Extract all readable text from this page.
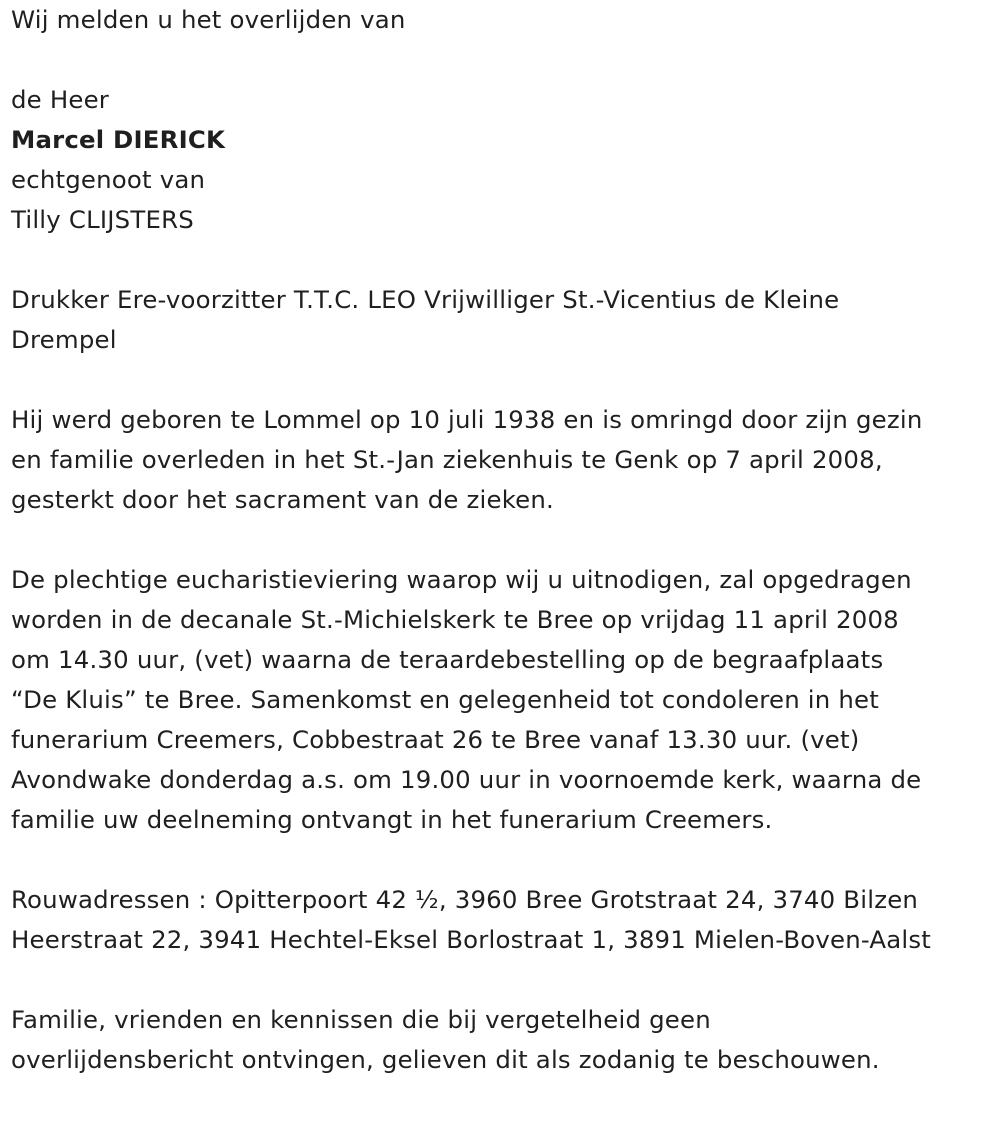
Wij melden u het overlijden van
de Heer
Marcel DIERICK
echtgenoot van
Tilly CLIJSTERS
Drukker Ere-voorzitter T.T.C. LEO Vrijwilliger St.-Vicentius de Kleine
Drempel
Hij werd geboren te Lommel op 10 juli 1938 en is omringd door zijn gezin
en familie overleden in het St.-Jan ziekenhuis te Genk op 7 april 2008,
gesterkt door het sacrament van de zieken.
De plechtige eucharistieviering waarop wij u uitnodigen, zal opgedragen
worden in de decanale St.-Michielskerk te Bree op vrijdag 11 april 2008
om 14.30 uur, (vet) waarna de teraardebestelling op de begraafplaats
“De Kluis” te Bree. Samenkomst en gelegenheid tot condoleren in het
funerarium Creemers, Cobbestraat 26 te Bree vanaf 13.30 uur. (vet)
Avondwake donderdag a.s. om 19.00 uur in voornoemde kerk, waarna de
familie uw deelneming ontvangt in het funerarium Creemers.
Rouwadressen : Opitterpoort 42 ½, 3960 Bree Grotstraat 24, 3740 Bilzen
Heerstraat 22, 3941 Hechtel-Eksel Borlostraat 1, 3891 Mielen-Boven-Aalst
Familie, vrienden en kennissen die bij vergetelheid geen
overlijdensbericht ontvingen, gelieven dit als zodanig te beschouwen.
